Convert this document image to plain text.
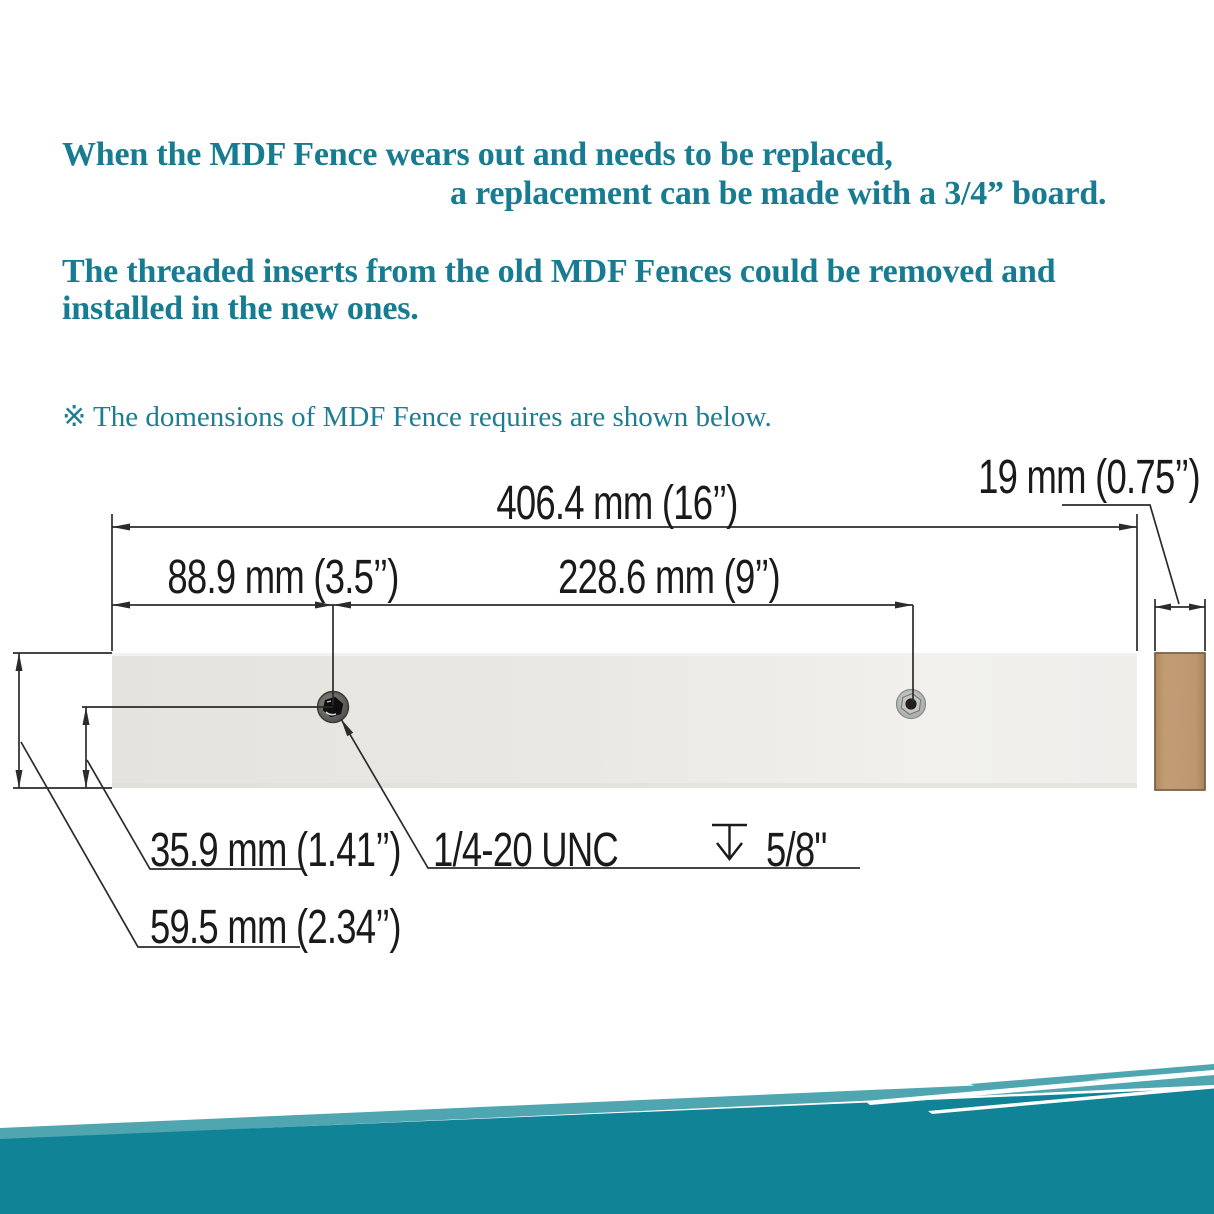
When the MDF Fence wears out and needs to be replaced,
a replacement can be made with a 3/4” board.
The threaded inserts from the old MDF Fences could be removed and
installed in the new ones.
※ The domensions of MDF Fence requires are shown below.
406.4 mm (16’’)	19 mm (0.75’’)
88.9 mm (3.5’’)	228.6 mm (9’’)
35.9 mm (1.41’’) 1/4-20 UNC	5/8"
59.5 mm (2.34’’)
